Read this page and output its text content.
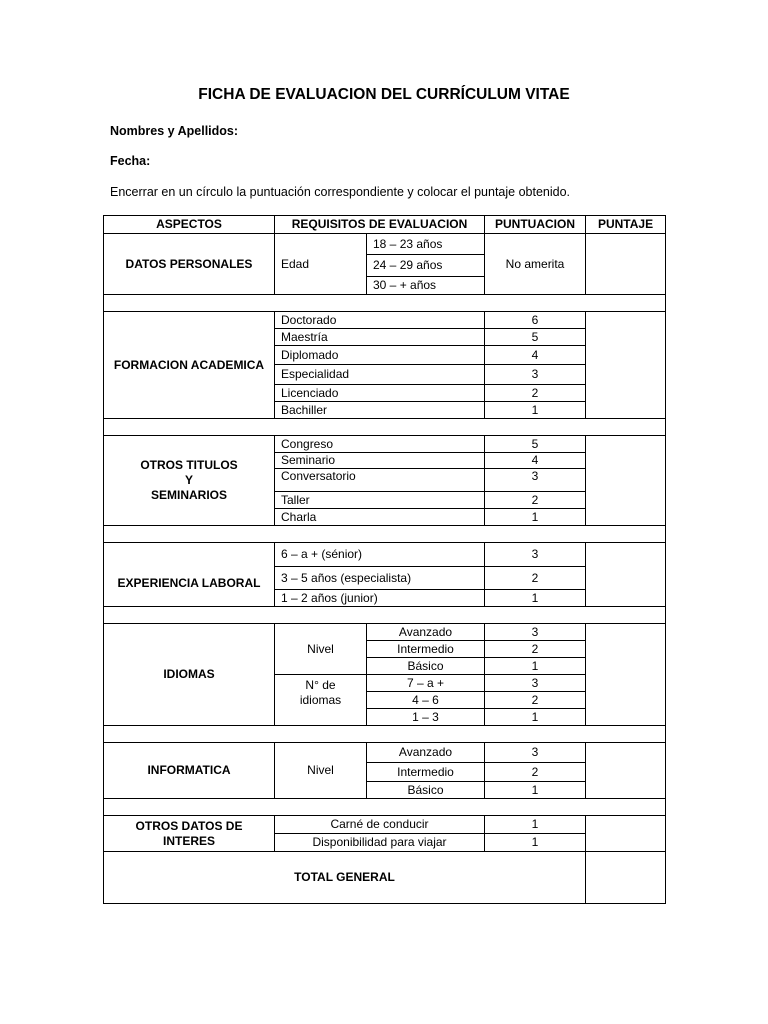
FICHA DE EVALUACION DEL CURRÍCULUM VITAE
Nombres y Apellidos:
Fecha:
Encerrar en un círculo la puntuación correspondiente y colocar el puntaje obtenido.
ASPECTOS	REQUISITOS DE EVALUACION		PUNTUACION	PUNTAJE
DATOS PERSONALES	Edad	18 – 23 años	No amerita	
		24 – 29 años		
		30 – + años		

FORMACION ACADEMICA	Doctorado		6	
	Maestría		5	
	Diplomado		4	
	Especialidad		3	
	Licenciado		2	
	Bachiller		1	

OTROS TITULOS
Y
SEMINARIOS	Congreso		5	
	Seminario		4	
	Conversatorio		3	
	Taller		2	
	Charla		1	

EXPERIENCIA LABORAL	6 – a + (sénior)		3	
	3 – 5 años (especialista)		2	
	1 – 2 años (junior)		1	

IDIOMAS	Nivel	Avanzado	3	
		Intermedio	2	
		Básico	1	
	N° de
idiomas	7 – a +	3	
		4 – 6	2	
		1 – 3	1	

INFORMATICA	Nivel	Avanzado	3	
		Intermedio	2	
		Básico	1	

OTROS DATOS DE INTERES	Carné de conducir		1	
	Disponibilidad para viajar		1	
TOTAL GENERAL				
